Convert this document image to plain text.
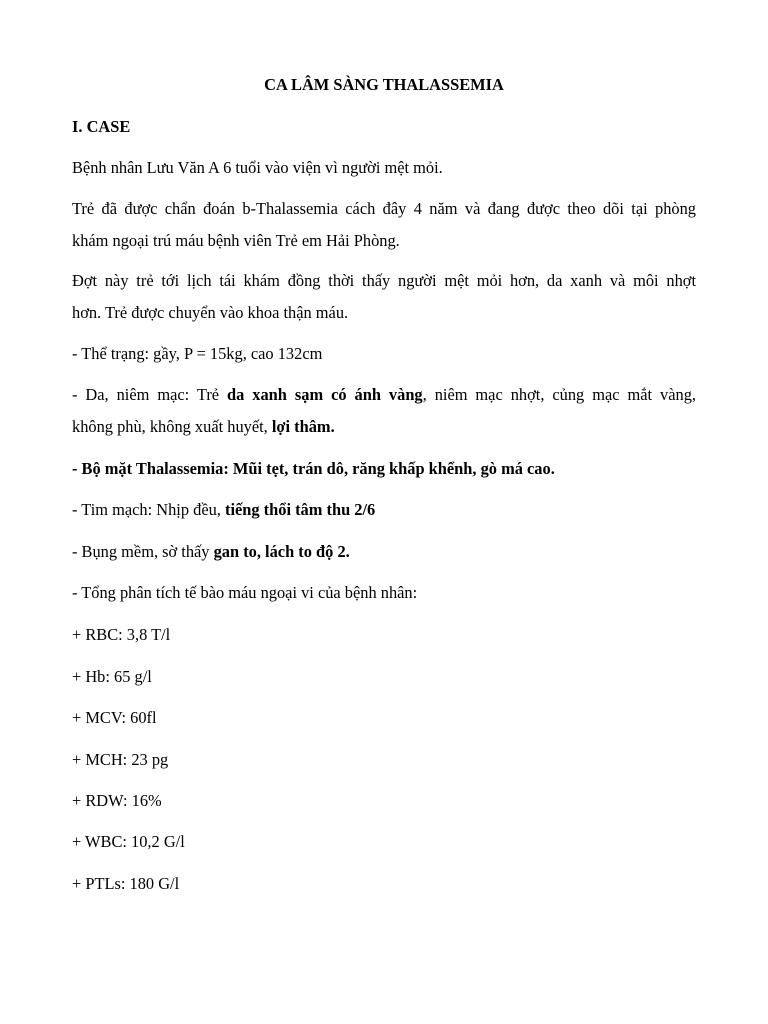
CA LÂM SÀNG THALASSEMIA
I. CASE
Bệnh nhân Lưu Văn A 6 tuổi vào viện vì người mệt mỏi.
Trẻ đã được chẩn đoán b-Thalassemia cách đây 4 năm và đang được theo dõi tại phòng
khám ngoại trú máu bệnh viên Trẻ em Hải Phòng.
Đợt này trẻ tới lịch tái khám đồng thời thấy người mệt mỏi hơn, da xanh và môi nhợt
hơn. Trẻ được chuyển vào khoa thận máu.
- Thể trạng: gầy, P = 15kg, cao 132cm
- Da, niêm mạc: Trẻ da xanh sạm có ánh vàng, niêm mạc nhợt, củng mạc mắt vàng,
không phù, không xuất huyết, lợi thâm.
- Bộ mặt Thalassemia: Mũi tẹt, trán dô, răng khấp khểnh, gò má cao.
- Tim mạch: Nhịp đều, tiếng thổi tâm thu 2/6
- Bụng mềm, sờ thấy gan to, lách to độ 2.
- Tổng phân tích tế bào máu ngoại vi của bệnh nhân:
+ RBC: 3,8 T/l
+ Hb: 65 g/l
+ MCV: 60fl
+ MCH: 23 pg
+ RDW: 16%
+ WBC: 10,2 G/l
+ PTLs: 180 G/l
